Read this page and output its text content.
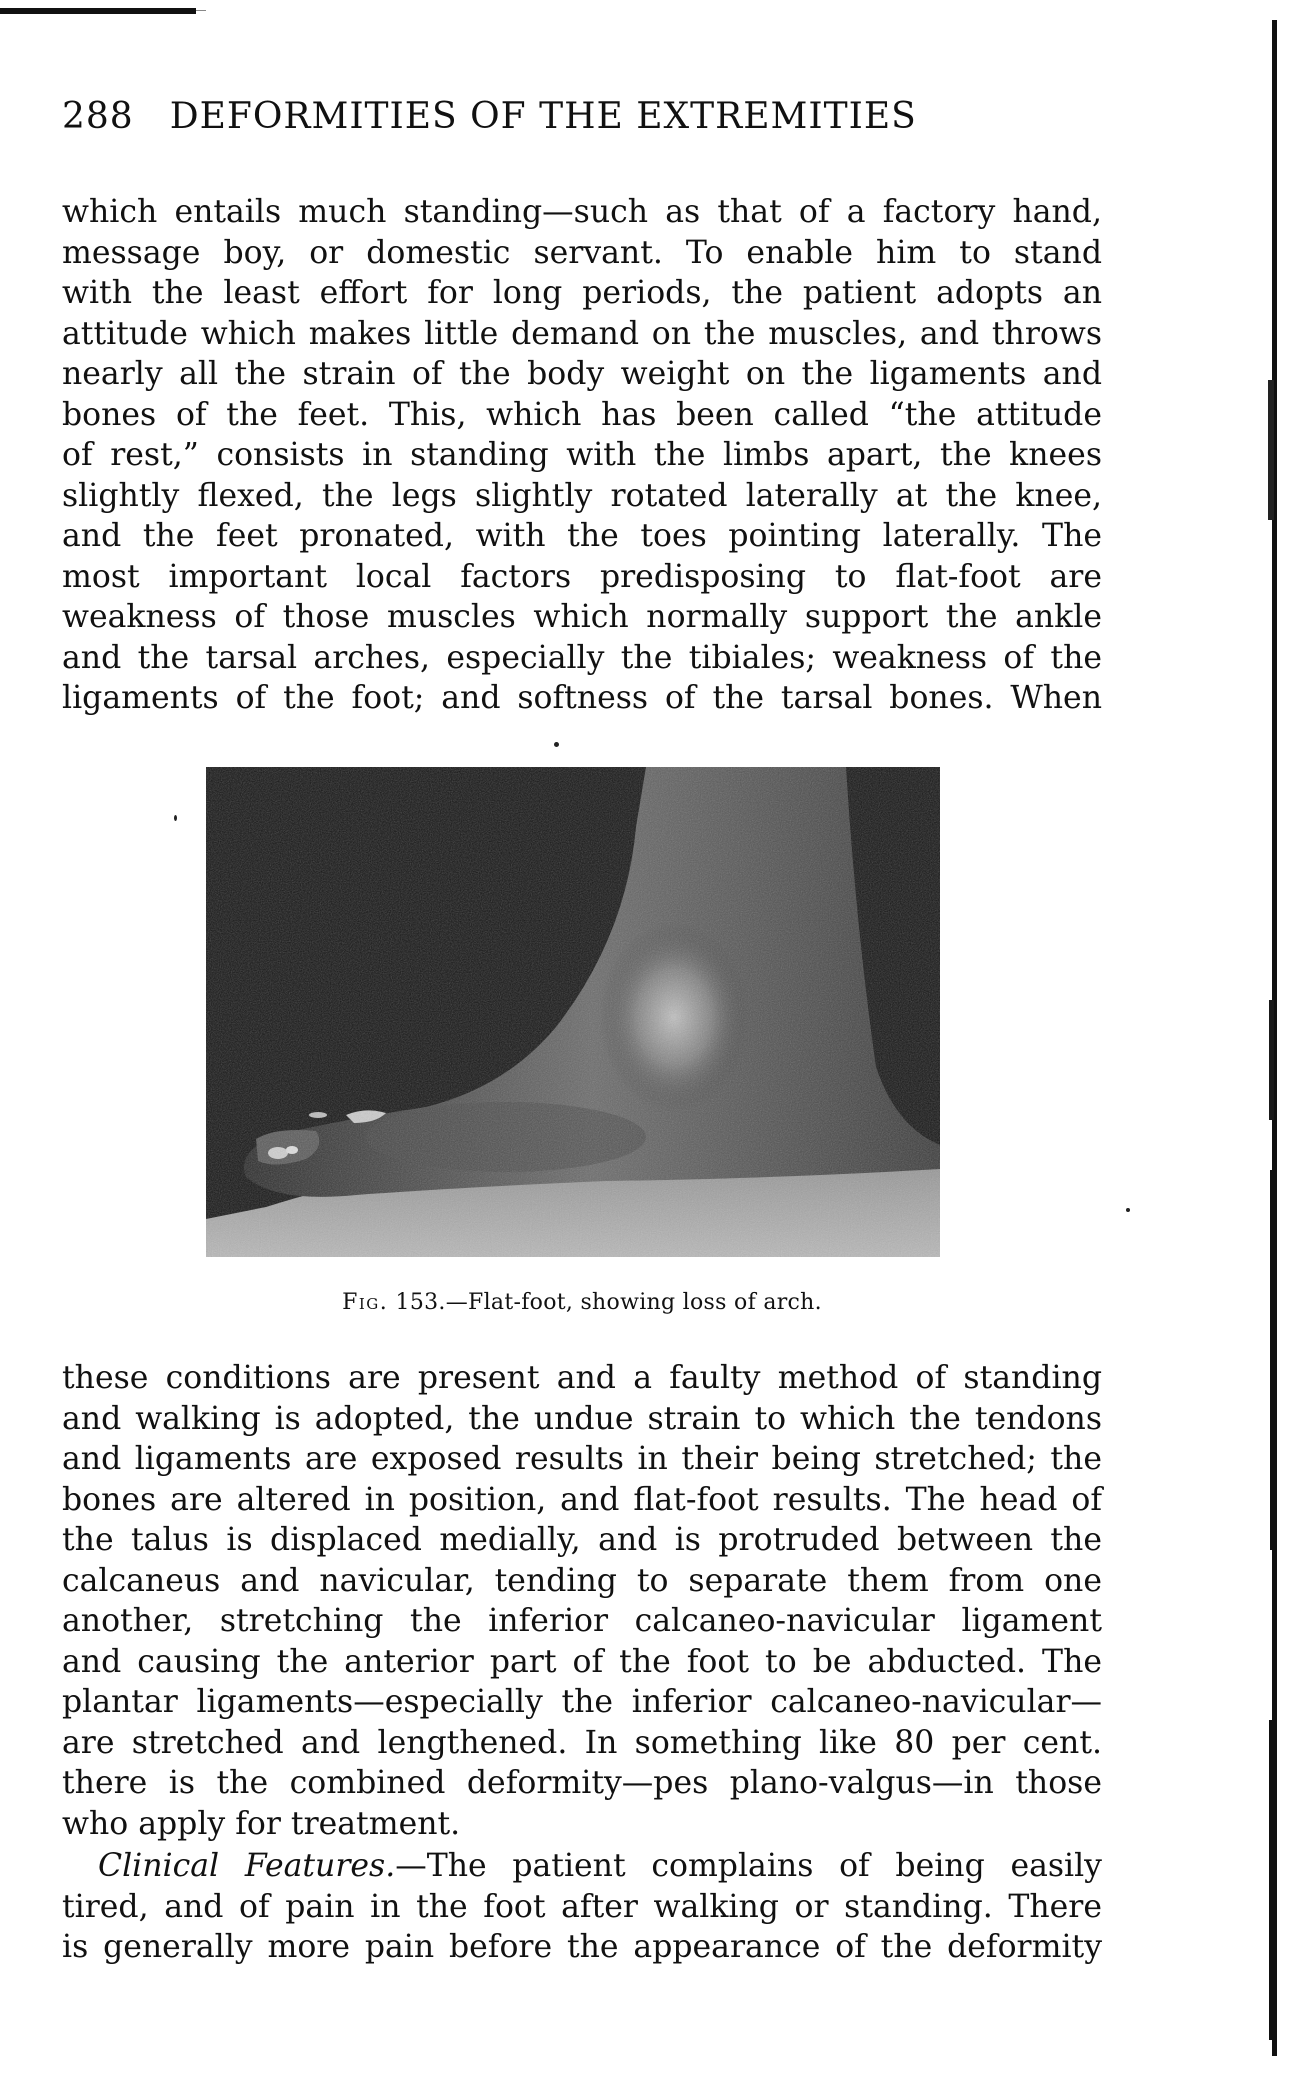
288 DEFORMITIES OF THE EXTREMITIES

which entails much standing—such as that of a factory hand,
message boy, or domestic servant. To enable him to stand
with the least effort for long periods, the patient adopts an
attitude which makes little demand on the muscles, and throws
nearly all the strain of the body weight on the ligaments and
bones of the feet. This, which has been called “the attitude
of rest,” consists in standing with the limbs apart, the knees
slightly flexed, the legs slightly rotated laterally at the knee,
and the feet pronated, with the toes pointing laterally. The
most important local factors predisposing to flat-foot are
weakness of those muscles which normally support the ankle
and the tarsal arches, especially the tibiales; weakness of the
ligaments of the foot; and softness of the tarsal bones. When

Fig. 153.—Flat-foot, showing loss of arch.

these conditions are present and a faulty method of standing
and walking is adopted, the undue strain to which the tendons
and ligaments are exposed results in their being stretched; the
bones are altered in position, and flat-foot results. The head of
the talus is displaced medially, and is protruded between the
calcaneus and navicular, tending to separate them from one
another, stretching the inferior calcaneo-navicular ligament
and causing the anterior part of the foot to be abducted. The
plantar ligaments—especially the inferior calcaneo-navicular—
are stretched and lengthened. In something like 80 per cent.
there is the combined deformity—pes plano-valgus—in those
who apply for treatment.

Clinical Features.—The patient complains of being easily
tired, and of pain in the foot after walking or standing. There
is generally more pain before the appearance of the deformity
